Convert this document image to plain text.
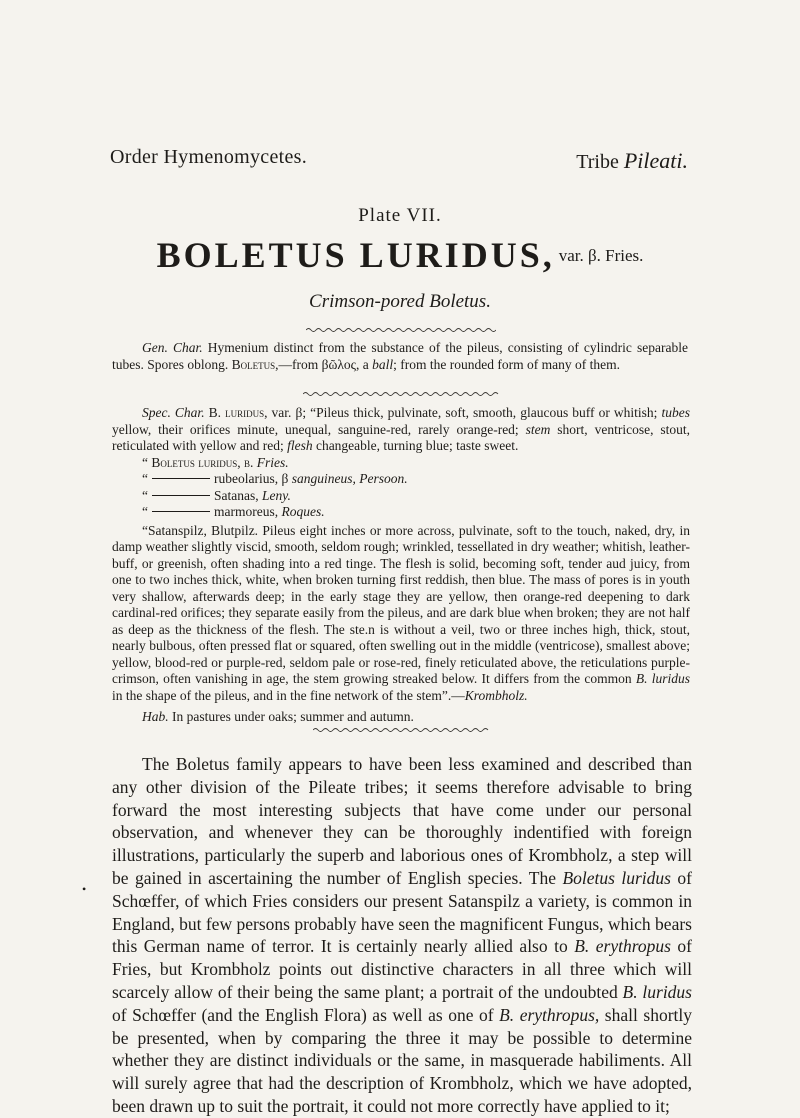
Order Hymenomycetes.	Tribe Pileati.
Plate VII.
BOLETUS LURIDUS, var. β. Fries.
Crimson-pored Boletus.
Gen. Char. Hymenium distinct from the substance of the pileus, consisting of cylindric separable tubes. Spores oblong. Boletus,—from βῶλος, a ball; from the rounded form of many of them.

Spec. Char. B. luridus, var. β; “Pileus thick, pulvinate, soft, smooth, glaucous buff or whitish; tubes yellow, their orifices minute, unequal, sanguine-red, rarely orange-red; stem short, ventricose, stout, reticulated with yellow and red; flesh changeable, turning blue; taste sweet.

“ Boletus luridus, β. Fries.

“	rubeolarius, β sanguineus, Persoon.

“	Satanas, Leny.

“	marmoreus, Roques.

“Satanspilz, Blutpilz. Pileus eight inches or more across, pulvinate, soft to the touch, naked, dry, in damp weather slightly viscid, smooth, seldom rough; wrinkled, tessellated in dry weather; whitish, leather-buff, or greenish, often shading into a red tinge. The flesh is solid, becoming soft, tender aud juicy, from one to two inches thick, white, when broken turning first reddish, then blue. The mass of pores is in youth very shallow, afterwards deep; in the early stage they are yellow, then orange-red deepening to dark cardinal-red orifices; they separate easily from the pileus, and are dark blue when broken; they are not half as deep as the thickness of the flesh. The ste.n is without a veil, two or three inches high, thick, stout, nearly bulbous, often pressed flat or squared, often swelling out in the middle (ventricose), smallest above; yellow, blood-red or purple-red, seldom pale or rose-red, finely reticulated above, the reticulations purple-crimson, often vanishing in age, the stem growing streaked below. It differs from the common B. luridus in the shape of the pileus, and in the fine network of the stem”.—Krombholz.

Hab. In pastures under oaks; summer and autumn.

The Boletus family appears to have been less examined and described than any other division of the Pileate tribes; it seems therefore advisable to bring forward the most interesting subjects that have come under our personal observation, and whenever they can be thoroughly indentified with foreign illustrations, particularly the superb and laborious ones of Krombholz, a step will be gained in ascertaining the number of English species. The Boletus luridus of Schœffer, of which Fries considers our present Satanspilz a variety, is common in England, but few persons probably have seen the magnificent Fungus, which bears this German name of terror. It is certainly nearly allied also to B. erythropus of Fries, but Krombholz points out distinctive characters in all three which will scarcely allow of their being the same plant; a portrait of the undoubted B. luridus of Schœffer (and the English Flora) as well as one of B. erythropus, shall shortly be presented, when by comparing the three it may be possible to determine whether they are distinct individuals or the same, in masquerade habiliments. All will surely agree that had the description of Krombholz, which we have adopted, been drawn up to suit the portrait, it could not more correctly have applied to it;

•
